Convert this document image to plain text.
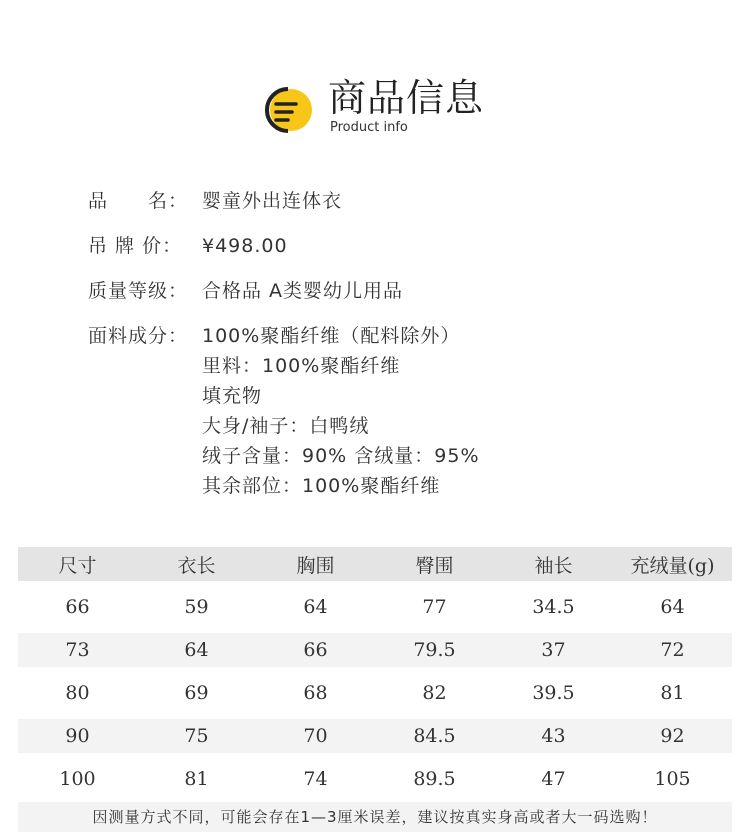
商品信息
Product info
品　　名： 婴童外出连体衣
吊 牌 价：	¥498.00
质量等级： 合格品 A类婴幼儿用品
面料成分： 100%聚酯纤维（配料除外）
里料：100%聚酯纤维
填充物
大身/袖子：白鸭绒
绒子含量：90% 含绒量：95%
其余部位：100%聚酯纤维
尺寸	衣长	胸围	臀围	袖长	充绒量(g)
66	59	64	77	34.5	64
73	64	66	79.5	37	72
80	69	68	82	39.5	81
90	75	70	84.5	43	92
100	81	74	89.5	47	105
因测量方式不同，可能会存在1—3厘米误差，建议按真实身高或者大一码选购！
